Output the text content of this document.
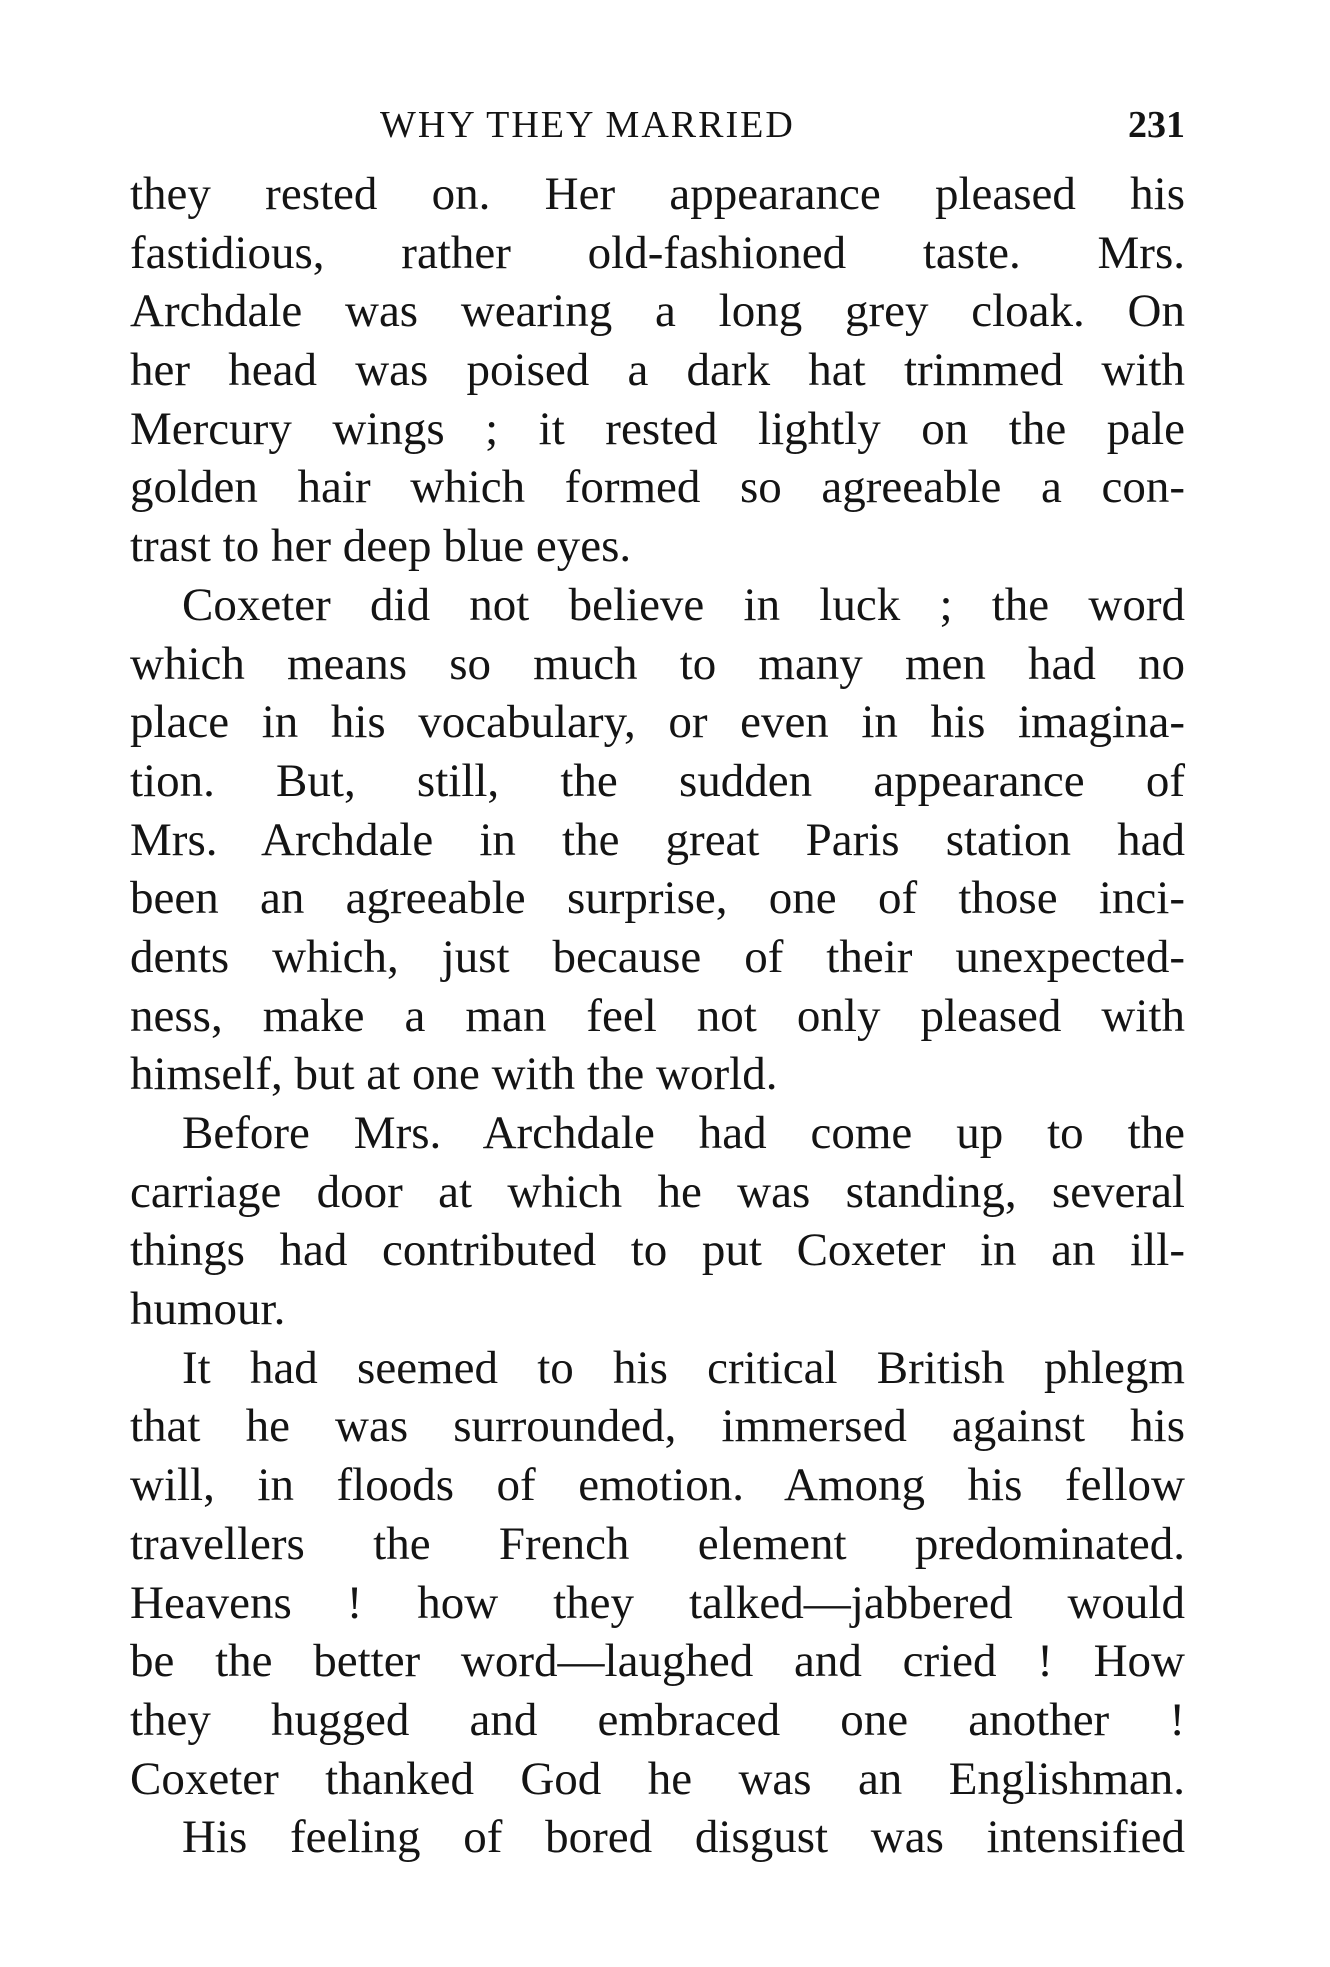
WHY THEY MARRIED	231
they rested on. Her appearance pleased his
fastidious, rather old-fashioned taste. Mrs.
Archdale was wearing a long grey cloak. On
her head was poised a dark hat trimmed with
Mercury wings ; it rested lightly on the pale
golden hair which formed so agreeable a con-
trast to her deep blue eyes.
Coxeter did not believe in luck ; the word
which means so much to many men had no
place in his vocabulary, or even in his imagina-
tion. But, still, the sudden appearance of
Mrs. Archdale in the great Paris station had
been an agreeable surprise, one of those inci-
dents which, just because of their unexpected-
ness, make a man feel not only pleased with
himself, but at one with the world.
Before Mrs. Archdale had come up to the
carriage door at which he was standing, several
things had contributed to put Coxeter in an ill-
humour.
It had seemed to his critical British phlegm
that he was surrounded, immersed against his
will, in floods of emotion. Among his fellow
travellers the French element predominated.
Heavens ! how they talked—jabbered would
be the better word—laughed and cried ! How
they hugged and embraced one another !
Coxeter thanked God he was an Englishman.
His feeling of bored disgust was intensified
